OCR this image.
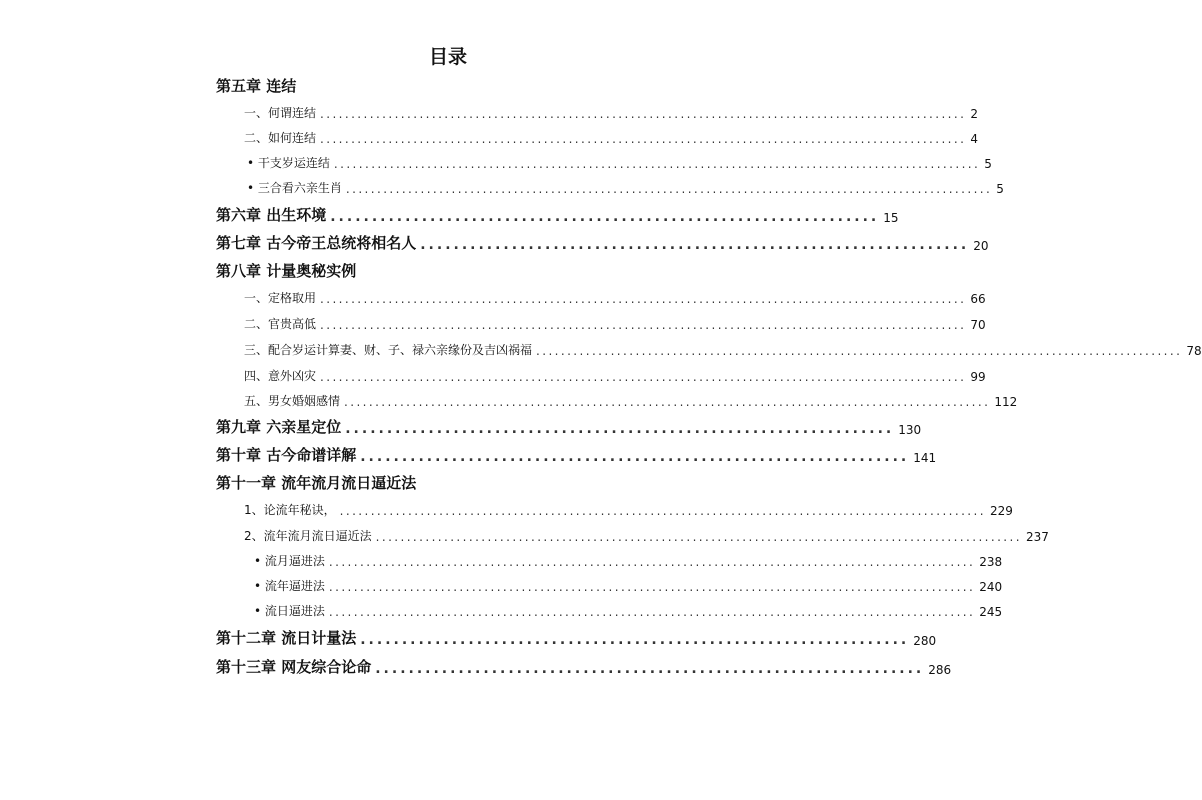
目录
第五章 连结
一、何谓连结 ........................................................................................................ 2
二、如何连结 ........................................................................................................ 4
• 干支岁运连结 ........................................................................................................ 5
• 三合看六亲生肖 ........................................................................................................ 5
第六章 出生环境 .................................................................. 15
第七章 古今帝王总统将相名人 .................................................................. 20
第八章 计量奥秘实例
一、定格取用 ........................................................................................................ 66
二、官贵高低 ........................................................................................................ 70
三、配合岁运计算妻、财、子、禄六亲缘份及吉凶祸福 ........................................................................................................ 78
四、意外凶灾 ........................................................................................................ 99
五、男女婚姻感情 ........................................................................................................ 112
第九章 六亲星定位 .................................................................. 130
第十章 古今命谱详解 .................................................................. 141
第十一章 流年流月流日逼近法
1、论流年秘诀， ........................................................................................................ 229
2、流年流月流日逼近法 ........................................................................................................ 237
• 流月逼进法 ........................................................................................................ 238
• 流年逼进法 ........................................................................................................ 240
• 流日逼进法 ........................................................................................................ 245
第十二章 流日计量法 .................................................................. 280
第十三章 网友综合论命 .................................................................. 286
